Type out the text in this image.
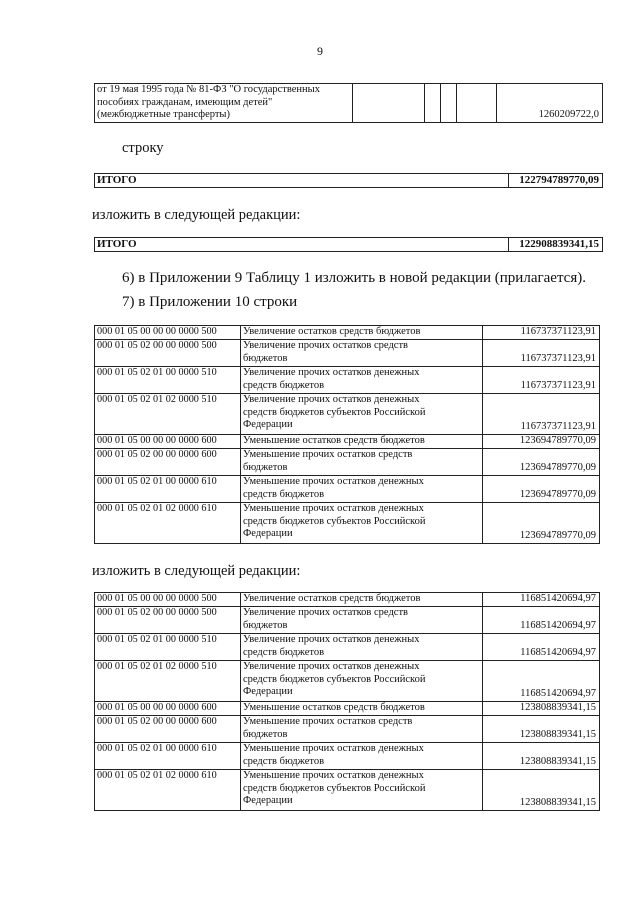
9
от 19 мая 1995 года № 81-ФЗ "О государственных
пособиях гражданам, имеющим детей"
(межбюджетные трансферты)					1260209722,0
строку
ИТОГО	122794789770,09
изложить в следующей редакции:
ИТОГО	122908839341,15
6) в Приложении 9 Таблицу 1 изложить в новой редакции (прилагается).
7) в Приложении 10 строки
000 01 05 00 00 00 0000 500	Увеличение остатков средств бюджетов	116737371123,91
000 01 05 02 00 00 0000 500	Увеличение прочих остатков средств
бюджетов	116737371123,91
000 01 05 02 01 00 0000 510	Увеличение прочих остатков денежных
средств бюджетов	116737371123,91
000 01 05 02 01 02 0000 510	Увеличение прочих остатков денежных
средств бюджетов субъектов Российской
Федерации	116737371123,91
000 01 05 00 00 00 0000 600	Уменьшение остатков средств бюджетов	123694789770,09
000 01 05 02 00 00 0000 600	Уменьшение прочих остатков средств
бюджетов	123694789770,09
000 01 05 02 01 00 0000 610	Уменьшение прочих остатков денежных
средств бюджетов	123694789770,09
000 01 05 02 01 02 0000 610	Уменьшение прочих остатков денежных
средств бюджетов субъектов Российской
Федерации	123694789770,09
изложить в следующей редакции:
000 01 05 00 00 00 0000 500	Увеличение остатков средств бюджетов	116851420694,97
000 01 05 02 00 00 0000 500	Увеличение прочих остатков средств
бюджетов	116851420694,97
000 01 05 02 01 00 0000 510	Увеличение прочих остатков денежных
средств бюджетов	116851420694,97
000 01 05 02 01 02 0000 510	Увеличение прочих остатков денежных
средств бюджетов субъектов Российской
Федерации	116851420694,97
000 01 05 00 00 00 0000 600	Уменьшение остатков средств бюджетов	123808839341,15
000 01 05 02 00 00 0000 600	Уменьшение прочих остатков средств
бюджетов	123808839341,15
000 01 05 02 01 00 0000 610	Уменьшение прочих остатков денежных
средств бюджетов	123808839341,15
000 01 05 02 01 02 0000 610	Уменьшение прочих остатков денежных
средств бюджетов субъектов Российской
Федерации	123808839341,15
